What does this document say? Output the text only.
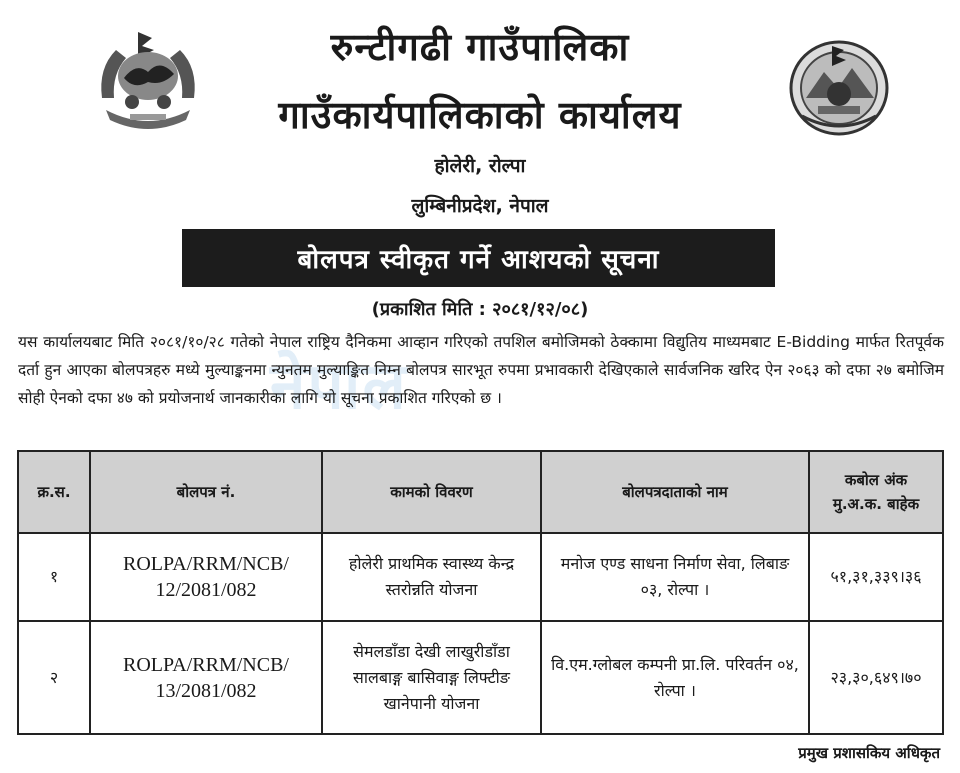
रुन्टीगढी गाउँपालिका
गाउँकार्यपालिकाको कार्यालय
होलेरी, रोल्पा
लुम्बिनीप्रदेश, नेपाल
बोलपत्र स्वीकृत गर्ने आशयको सूचना
(प्रकाशित मिति : २०८१/१२/०८)
नेपाल
यस कार्यालयबाट मिति २०८१/१०/२८ गतेको नेपाल राष्ट्रिय दैनिकमा आव्हान गरिएको तपशिल बमोजिमको ठेक्कामा विद्युतिय माध्यमबाट E-Bidding मार्फत रितपूर्वक दर्ता हुन आएका बोलपत्रहरु मध्ये मुल्याङ्कनमा न्युनतम मुल्याङ्कित निम्न बोलपत्र सारभूत रुपमा प्रभावकारी देखिएकाले सार्वजनिक खरिद ऐन २०६३ को दफा २७ बमोजिम सोही ऐनको दफा ४७ को प्रयोजनार्थ जानकारीका लागि यो सूचना प्रकाशित गरिएको छ ।
क्र.स.	बोलपत्र नं.	कामको विवरण	बोलपत्रदाताको नाम	कबोल अंक मु.अ.क. बाहेक
१	ROLPA/RRM/NCB/ 12/2081/082	होलेरी प्राथमिक स्वास्थ्य केन्द्र स्तरोन्नति योजना	मनोज एण्ड साधना निर्माण सेवा, लिबाङ ०३, रोल्पा ।	५१,३१,३३९।३६
२	ROLPA/RRM/NCB/ 13/2081/082	सेमलडाँडा देखी लाखुरीडाँडा सालबाङ्ग बासिवाङ्ग लिफ्टीङ खानेपानी योजना	वि.एम.ग्लोबल कम्पनी प्रा.लि. परिवर्तन ०४, रोल्पा ।	२३,३०,६४९।७०
प्रमुख प्रशासकिय अधिकृत
